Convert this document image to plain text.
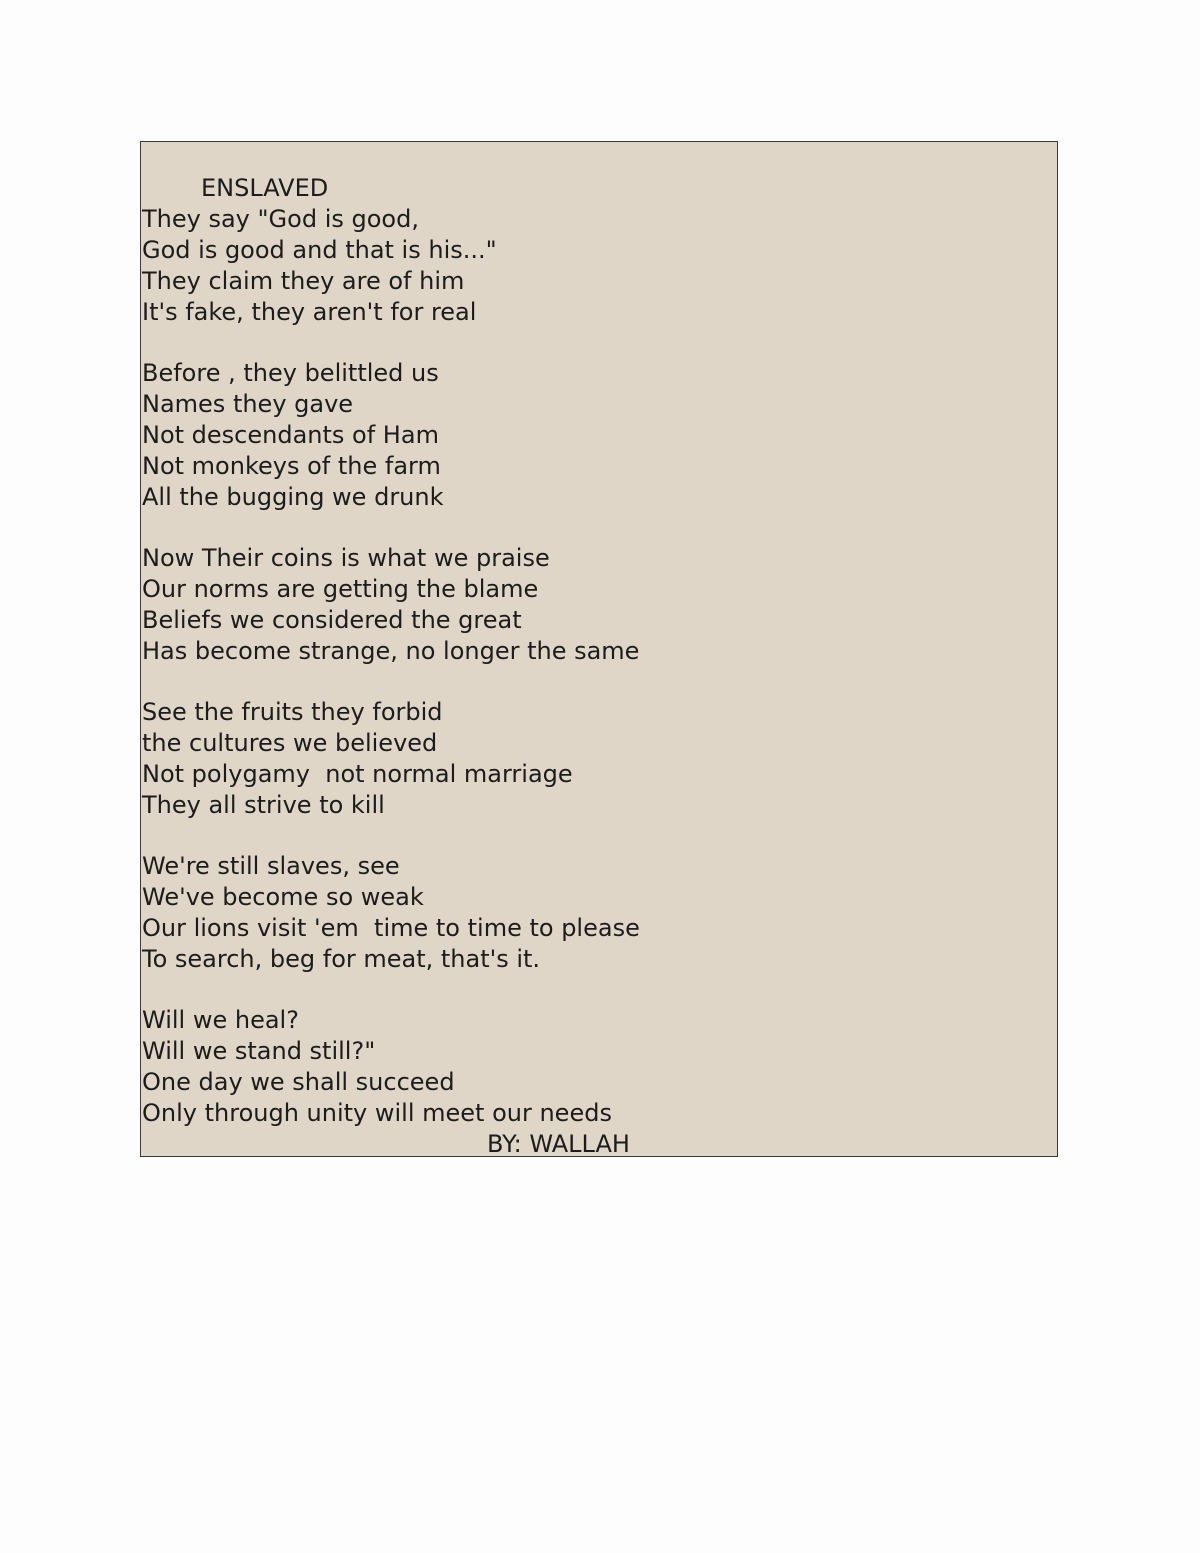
ENSLAVED
They say "God is good,
God is good and that is his..."
They claim they are of him
It's fake, they aren't for real
Before , they belittled us
Names they gave
Not descendants of Ham
Not monkeys of the farm
All the bugging we drunk
Now Their coins is what we praise
Our norms are getting the blame
Beliefs we considered the great
Has become strange, no longer the same
See the fruits they forbid
the cultures we believed
Not polygamy  not normal marriage
They all strive to kill
We're still slaves, see
We've become so weak
Our lions visit 'em  time to time to please
To search, beg for meat, that's it.
Will we heal?
Will we stand still?"
One day we shall succeed
Only through unity will meet our needs
BY: WALLAH
